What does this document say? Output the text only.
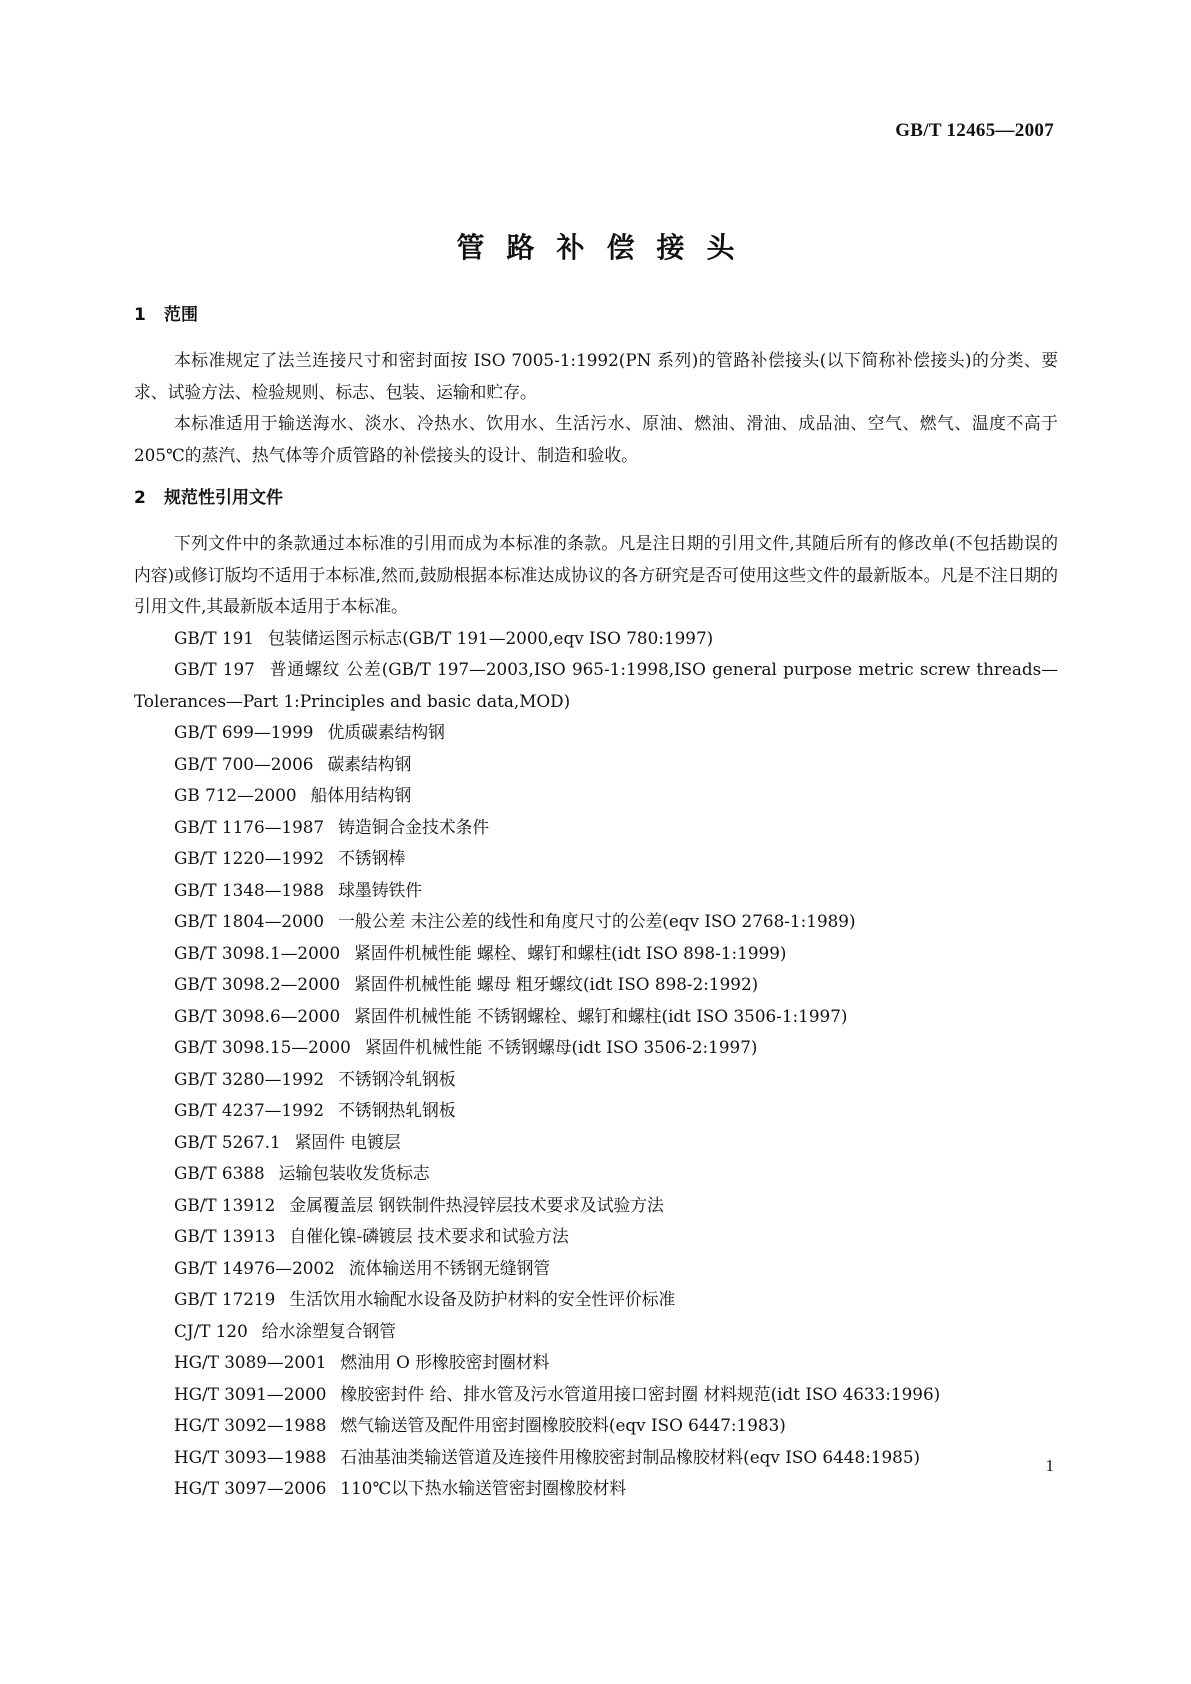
GB/T 12465—2007
管路补偿接头
1 范围

本标准规定了法兰连接尺寸和密封面按 ISO 7005-1:1992(PN 系列)的管路补偿接头(以下简称补偿接头)的分类、要求、试验方法、检验规则、标志、包装、运输和贮存。

本标准适用于输送海水、淡水、冷热水、饮用水、生活污水、原油、燃油、滑油、成品油、空气、燃气、温度不高于 205℃的蒸汽、热气体等介质管路的补偿接头的设计、制造和验收。

2 规范性引用文件

下列文件中的条款通过本标准的引用而成为本标准的条款。凡是注日期的引用文件,其随后所有的修改单(不包括勘误的内容)或修订版均不适用于本标准,然而,鼓励根据本标准达成协议的各方研究是否可使用这些文件的最新版本。凡是不注日期的引用文件,其最新版本适用于本标准。

GB/T 191 包装储运图示标志(GB/T 191—2000,eqv ISO 780:1997)
GB/T 197 普通螺纹 公差(GB/T 197—2003,ISO 965-1:1998,ISO general purpose metric screw threads—Tolerances—Part 1:Principles and basic data,MOD)
GB/T 699—1999 优质碳素结构钢
GB/T 700—2006 碳素结构钢
GB 712—2000 船体用结构钢
GB/T 1176—1987 铸造铜合金技术条件
GB/T 1220—1992 不锈钢棒
GB/T 1348—1988 球墨铸铁件
GB/T 1804—2000 一般公差 未注公差的线性和角度尺寸的公差(eqv ISO 2768-1:1989)
GB/T 3098.1—2000 紧固件机械性能 螺栓、螺钉和螺柱(idt ISO 898-1:1999)
GB/T 3098.2—2000 紧固件机械性能 螺母 粗牙螺纹(idt ISO 898-2:1992)
GB/T 3098.6—2000 紧固件机械性能 不锈钢螺栓、螺钉和螺柱(idt ISO 3506-1:1997)
GB/T 3098.15—2000 紧固件机械性能 不锈钢螺母(idt ISO 3506-2:1997)
GB/T 3280—1992 不锈钢冷轧钢板
GB/T 4237—1992 不锈钢热轧钢板
GB/T 5267.1 紧固件 电镀层
GB/T 6388 运输包装收发货标志
GB/T 13912 金属覆盖层 钢铁制件热浸锌层技术要求及试验方法
GB/T 13913 自催化镍-磷镀层 技术要求和试验方法
GB/T 14976—2002 流体输送用不锈钢无缝钢管
GB/T 17219 生活饮用水输配水设备及防护材料的安全性评价标准
CJ/T 120 给水涂塑复合钢管
HG/T 3089—2001 燃油用 O 形橡胶密封圈材料
HG/T 3091—2000 橡胶密封件 给、排水管及污水管道用接口密封圈 材料规范(idt ISO 4633:1996)
HG/T 3092—1988 燃气输送管及配件用密封圈橡胶胶料(eqv ISO 6447:1983)
HG/T 3093—1988 石油基油类输送管道及连接件用橡胶密封制品橡胶材料(eqv ISO 6448:1985)
HG/T 3097—2006 110℃以下热水输送管密封圈橡胶材料
1
